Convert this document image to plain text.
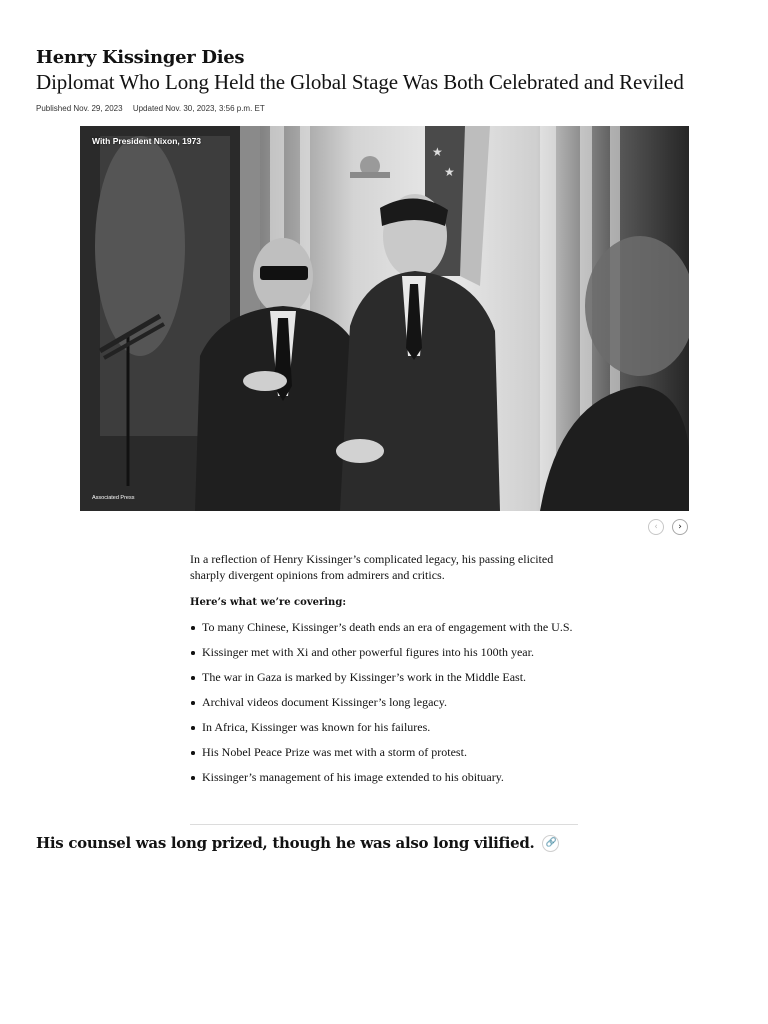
Henry Kissinger Dies
Diplomat Who Long Held the Global Stage Was Both Celebrated and Reviled
Published Nov. 29, 2023 Updated Nov. 30, 2023, 3:56 p.m. ET
★
★
With President Nixon, 1973
Associated Press
‹ ›

In a reflection of Henry Kissinger’s complicated legacy, his passing elicited sharply divergent opinions from admirers and critics.

Here’s what we’re covering:

To many Chinese, Kissinger’s death ends an era of engagement with the U.S.
Kissinger met with Xi and other powerful figures into his 100th year.
The war in Gaza is marked by Kissinger’s work in the Middle East.
Archival videos document Kissinger’s long legacy.
In Africa, Kissinger was known for his failures.
His Nobel Peace Prize was met with a storm of protest.
Kissinger’s management of his image extended to his obituary.
His counsel was long prized, though he was also long vilified. 🔗
